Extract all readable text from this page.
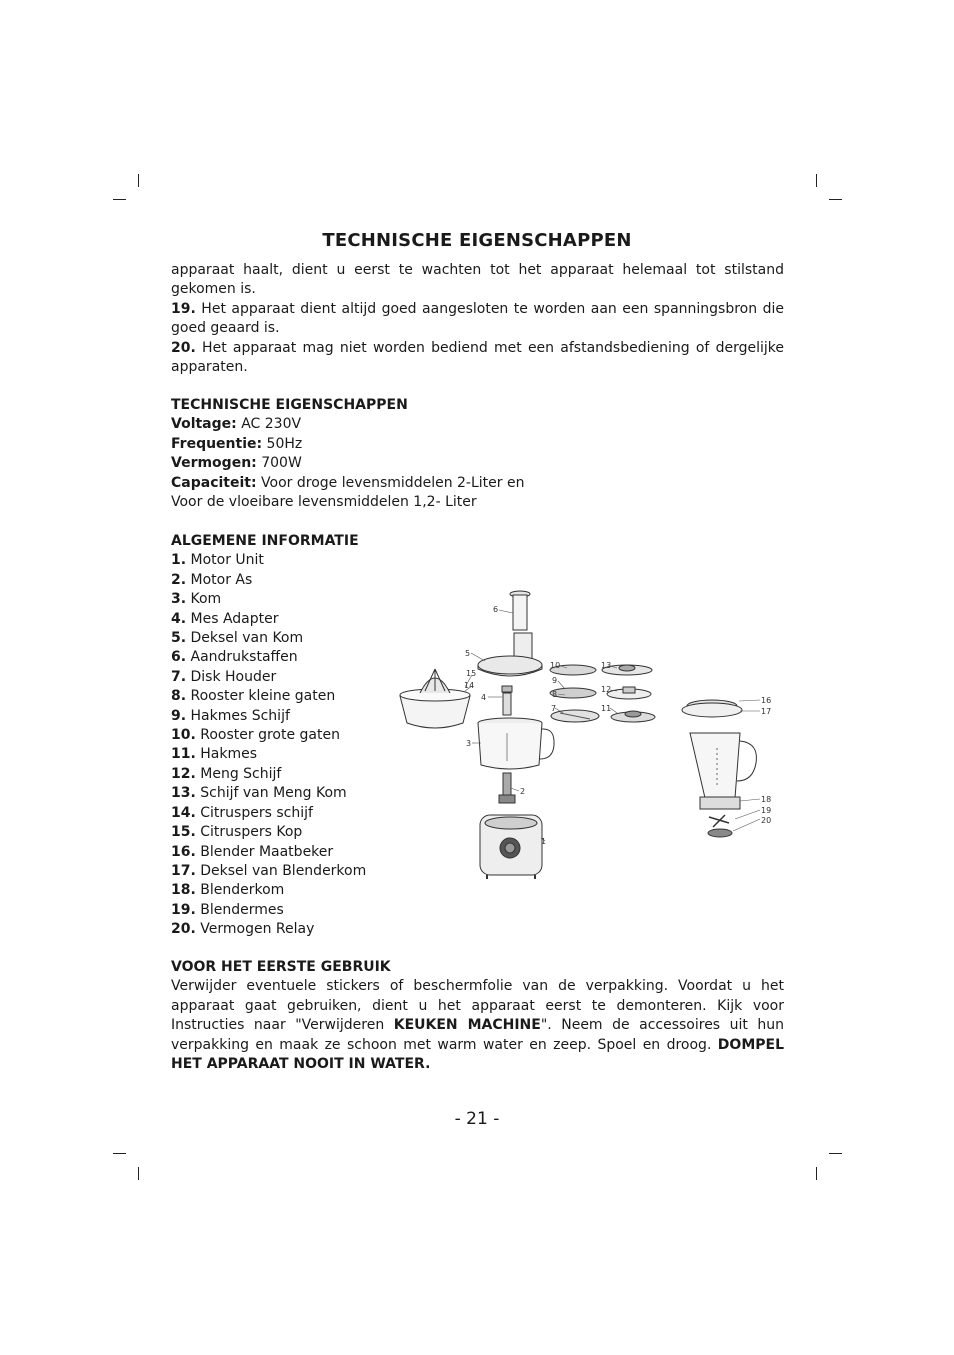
TECHNISCHE EIGENSCHAPPEN
apparaat haalt, dient u eerst te wachten tot het apparaat helemaal tot stilstand gekomen is.
19. Het apparaat dient altijd goed aangesloten te worden aan een spanningsbron die goed geaard is.
20. Het apparaat mag niet worden bediend met een afstandsbediening of dergelijke apparaten.
TECHNISCHE EIGENSCHAPPEN
Voltage: AC 230V
Frequentie: 50Hz
Vermogen: 700W
Capaciteit: Voor droge levensmiddelen 2-Liter en
Voor de vloeibare levensmiddelen 1,2- Liter
ALGEMENE INFORMATIE
1. Motor Unit
2. Motor As
3. Kom
4. Mes Adapter
5. Deksel van Kom
6. Aandrukstaffen
7. Disk Houder
8. Rooster kleine gaten
9. Hakmes Schijf
10. Rooster grote gaten
11. Hakmes
12. Meng Schijf
13. Schijf van Meng Kom
14. Citruspers schijf
15. Citruspers Kop
16. Blender Maatbeker
17. Deksel van Blenderkom
18. Blenderkom
19. Blendermes
20. Vermogen Relay
6
5
15
14
4
3
2
1
10
9
8
7
13
12
11
16
17
18
19
20
VOOR HET EERSTE GEBRUIK
Verwijder eventuele stickers of beschermfolie van de verpakking. Voordat u het apparaat gaat gebruiken, dient u het apparaat eerst te demonteren. Kijk voor Instructies naar "Verwijderen KEUKEN MACHINE". Neem de accessoires uit hun verpakking en maak ze schoon met warm water en zeep. Spoel en droog. DOMPEL HET APPARAAT NOOIT IN WATER.
- 21 -
